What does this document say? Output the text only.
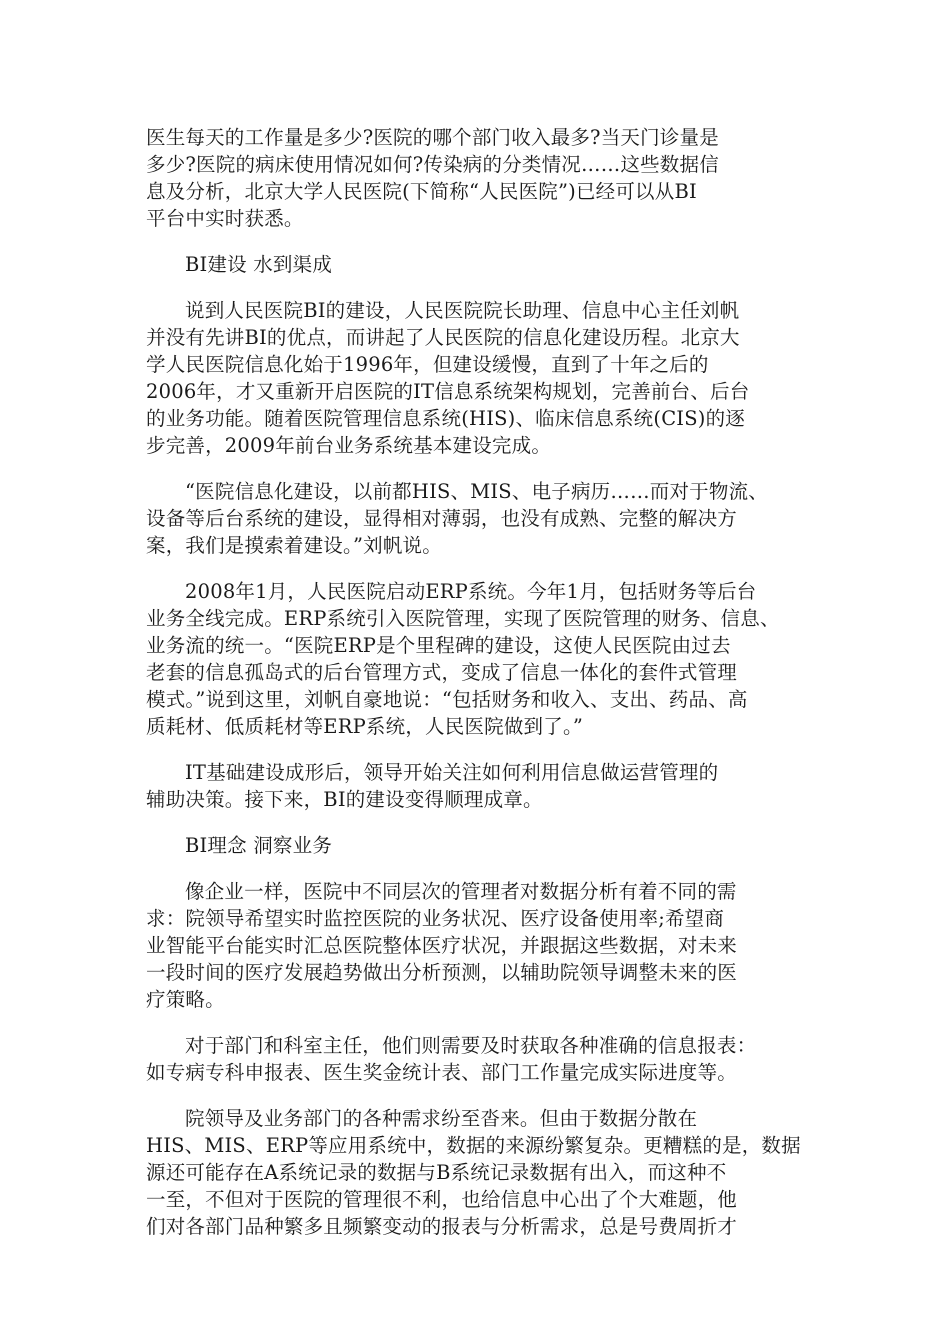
医生每天的工作量是多少?医院的哪个部门收入最多?当天门诊量是
多少?医院的病床使用情况如何?传染病的分类情况……这些数据信
息及分析，北京大学人民医院(下简称“人民医院”)已经可以从BI
平台中实时获悉。
BI建设 水到渠成
说到人民医院BI的建设，人民医院院长助理、信息中心主任刘帆
并没有先讲BI的优点，而讲起了人民医院的信息化建设历程。北京大
学人民医院信息化始于1996年，但建设缓慢，直到了十年之后的
2006年，才又重新开启医院的IT信息系统架构规划，完善前台、后台
的业务功能。随着医院管理信息系统(HIS)、临床信息系统(CIS)的逐
步完善，2009年前台业务系统基本建设完成。
“医院信息化建设，以前都HIS、MIS、电子病历……而对于物流、
设备等后台系统的建设，显得相对薄弱，也没有成熟、完整的解决方
案，我们是摸索着建设。”刘帆说。
2008年1月，人民医院启动ERP系统。今年1月，包括财务等后台
业务全线完成。ERP系统引入医院管理，实现了医院管理的财务、信息、
业务流的统一。“医院ERP是个里程碑的建设，这使人民医院由过去
老套的信息孤岛式的后台管理方式，变成了信息一体化的套件式管理
模式。”说到这里，刘帆自豪地说：“包括财务和收入、支出、药品、高
质耗材、低质耗材等ERP系统，人民医院做到了。”
IT基础建设成形后，领导开始关注如何利用信息做运营管理的
辅助决策。接下来，BI的建设变得顺理成章。
BI理念 洞察业务
像企业一样，医院中不同层次的管理者对数据分析有着不同的需
求：院领导希望实时监控医院的业务状况、医疗设备使用率;希望商
业智能平台能实时汇总医院整体医疗状况，并跟据这些数据，对未来
一段时间的医疗发展趋势做出分析预测，以辅助院领导调整未来的医
疗策略。
对于部门和科室主任，他们则需要及时获取各种准确的信息报表：
如专病专科申报表、医生奖金统计表、部门工作量完成实际进度等。
院领导及业务部门的各种需求纷至沓来。但由于数据分散在
HIS、MIS、ERP等应用系统中，数据的来源纷繁复杂。更糟糕的是，数据
源还可能存在A系统记录的数据与B系统记录数据有出入，而这种不
一至，不但对于医院的管理很不利，也给信息中心出了个大难题，他
们对各部门品种繁多且频繁变动的报表与分析需求，总是号费周折才
